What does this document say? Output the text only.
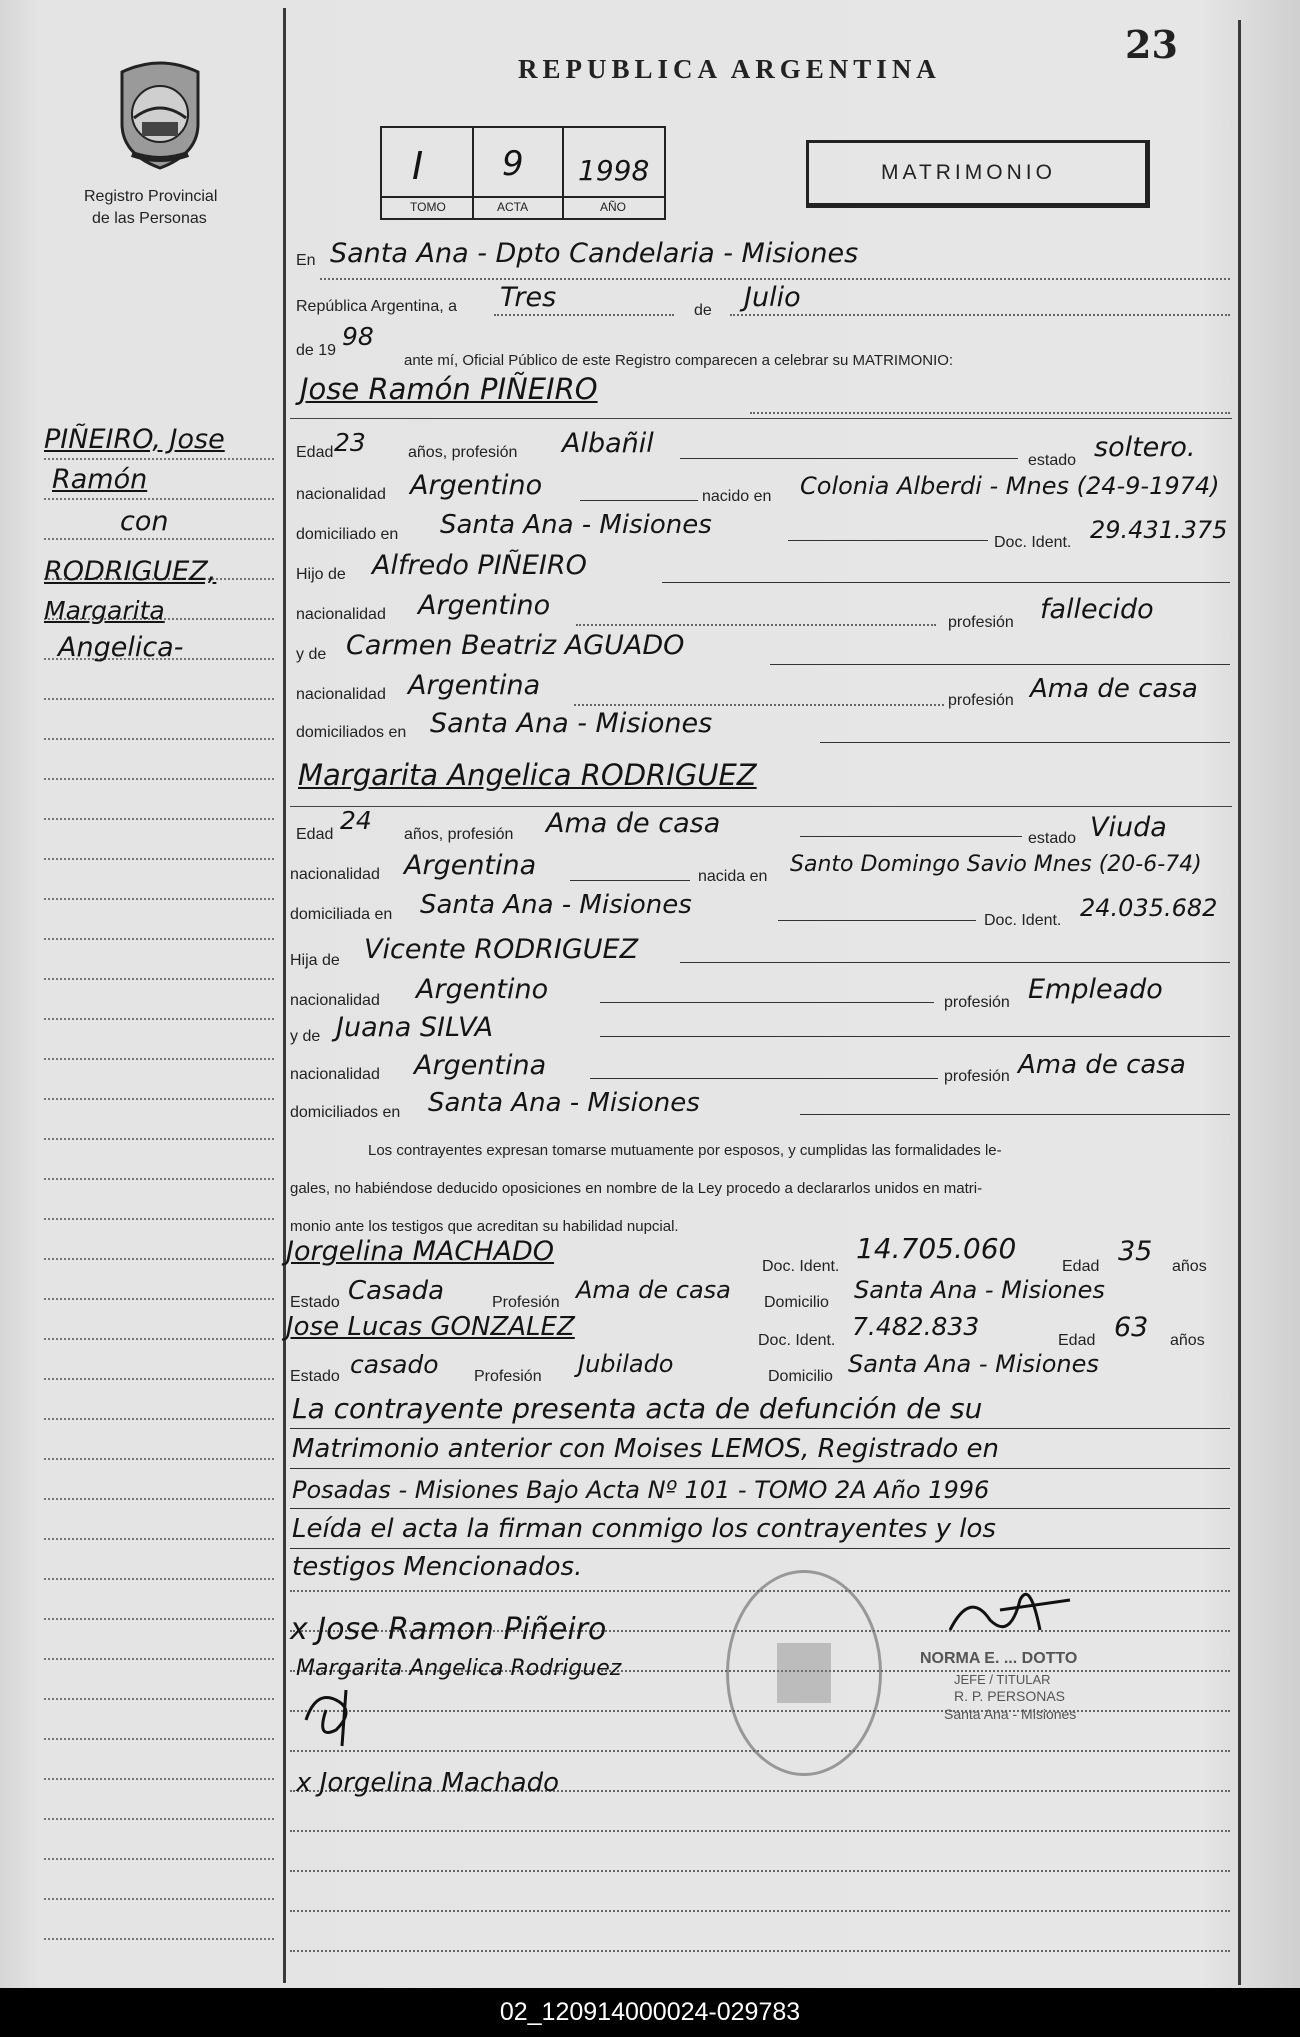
23
REPUBLICA ARGENTINA
Registro Provincial
de las Personas
I 9 1998
TOMO	ACTA	AÑO
MATRIMONIO
PIÑEIRO, Jose
Ramón
con
RODRIGUEZ,
Margarita
Angelica-
En Santa Ana - Dpto Candelaria - Misiones
República Argentina, a Tres	de Julio
de 19 98
ante mí, Oficial Público de este Registro comparecen a celebrar su MATRIMONIO:
Jose Ramón PIÑEIRO
Edad 23	años, profesión Albañil
estado soltero.
nacionalidad Argentino	nacido en Colonia Alberdi - Mnes (24-9-1974)
domiciliado en Santa Ana - Misiones
Doc. Ident. 29.431.375
Hijo de Alfredo PIÑEIRO
nacionalidad Argentino
profesión fallecido
y de Carmen Beatriz AGUADO
nacionalidad Argentina	profesión Ama de casa
domiciliados en Santa Ana - Misiones
Margarita Angelica RODRIGUEZ
Edad 24 años, profesión Ama de casa	estado Viuda
nacionalidad Argentina	nacida en Santo Domingo Savio Mnes (20-6-74)
domiciliada en Santa Ana - Misiones
Doc. Ident. 24.035.682
Hija de Vicente RODRIGUEZ
nacionalidad Argentino	profesión Empleado
y de Juana SILVA
nacionalidad Argentina	profesión Ama de casa
domiciliados en Santa Ana - Misiones
Los contrayentes expresan tomarse mutuamente por esposos, y cumplidas las formalidades le-
gales, no habiéndose deducido oposiciones en nombre de la Ley procedo a declararlos unidos en matri-
monio ante los testigos que acreditan su habilidad nupcial.
Jorgelina MACHADO	Doc. Ident.
14.705.060
Edad 35 años
Estado Casada	Profesión Ama de casa Domicilio Santa Ana - Misiones
Jose Lucas GONZALEZ	Doc. Ident. 7.482.833	Edad 63 años
Estado casado Profesión Jubilado	Domicilio Santa Ana - Misiones
La contrayente presenta acta de defunción de su
Matrimonio anterior con Moises LEMOS, Registrado en
Posadas - Misiones Bajo Acta Nº 101 - TOMO 2A Año 1996
Leída el acta la firman conmigo los contrayentes y los
testigos Mencionados.
x Jose Ramon Piñeiro
Margarita Angelica Rodriguez
x Jorgelina Machado
NORMA E. ... DOTTO
JEFE / TITULAR
R. P. PERSONAS
Santa Ana - Misiones
02_120914000024-029783
